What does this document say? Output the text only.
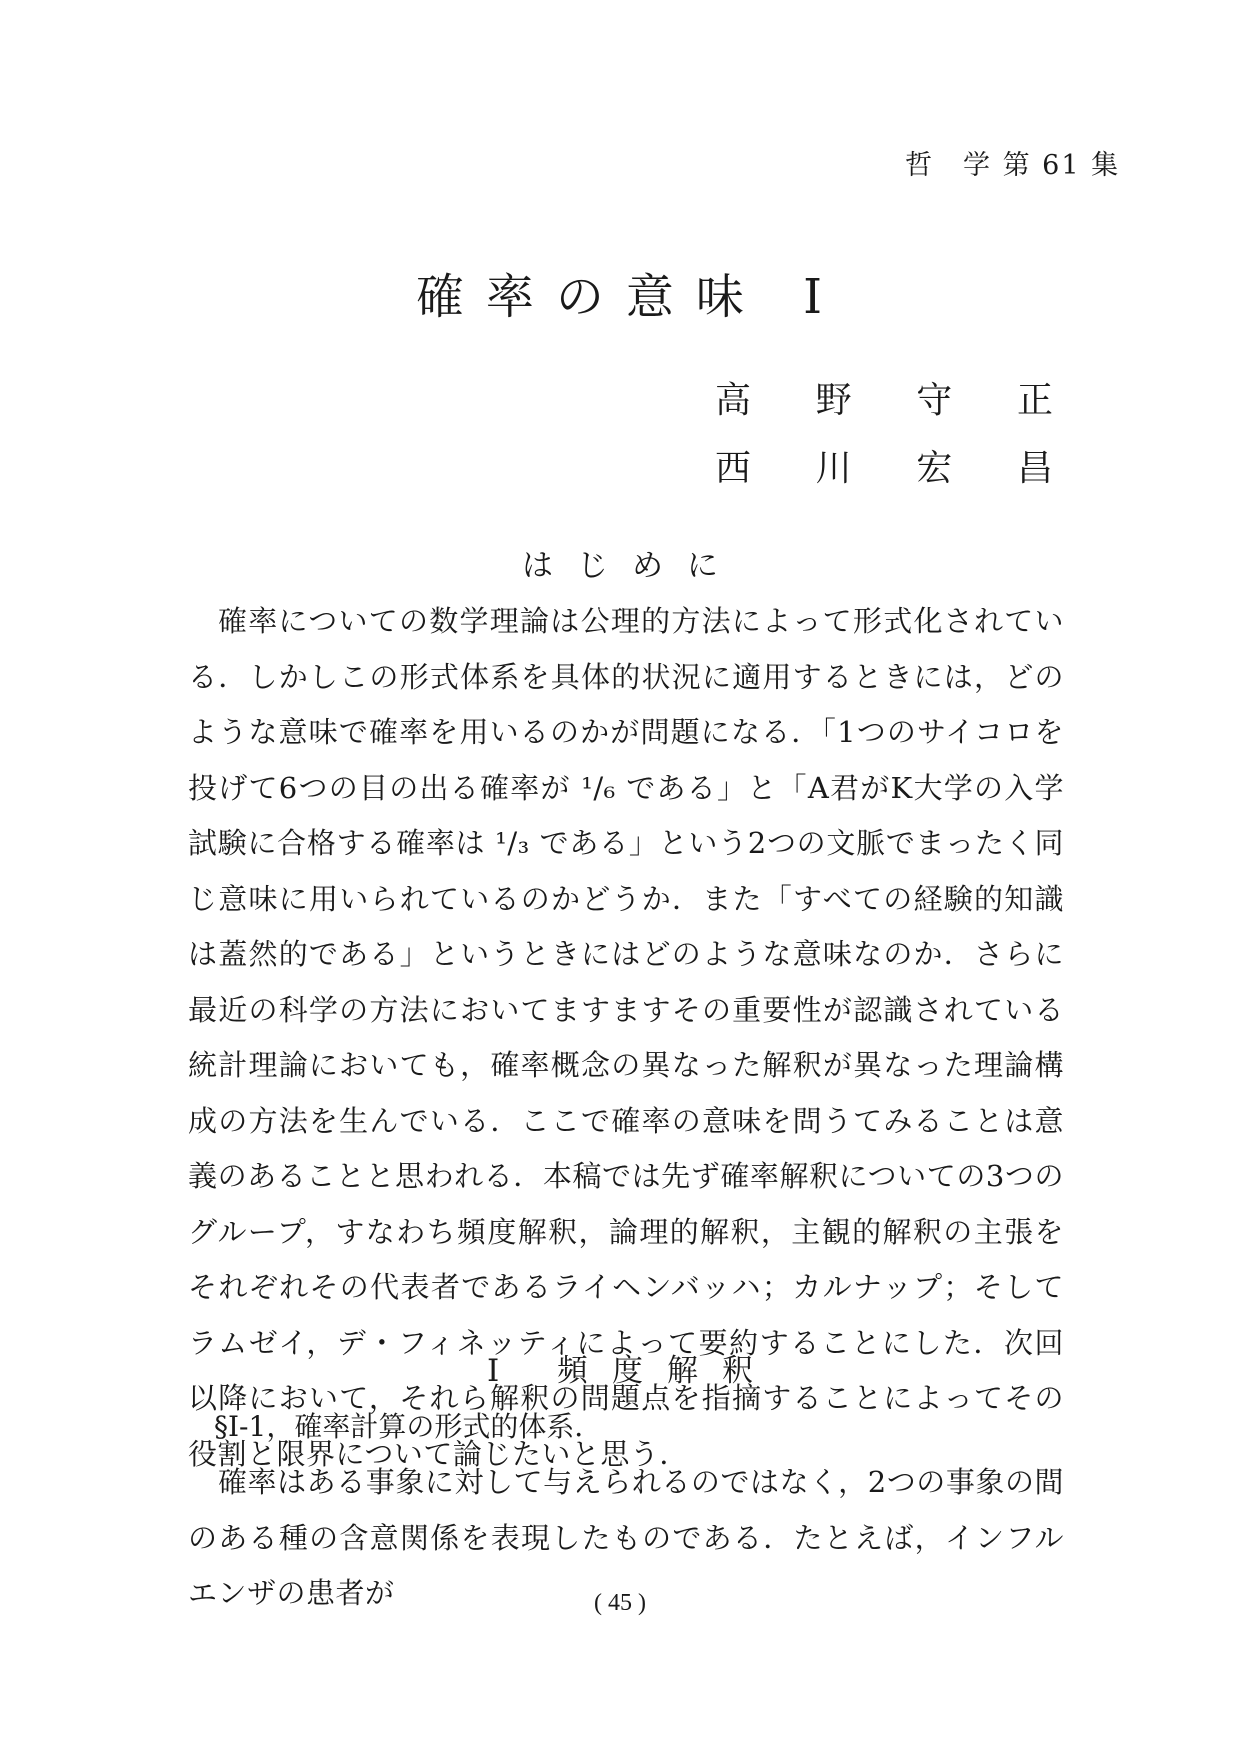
哲　学 第 61 集
確率の意味 I
高 野 守 正
西 川 宏 昌
はじめに
確率についての数学理論は公理的方法によって形式化されている．しかしこの形式体系を具体的状況に適用するときには，どのような意味で確率を用いるのかが問題になる．「1つのサイコロを投げて6つの目の出る確率が ¹/₆ である」と「A君がK大学の入学試験に合格する確率は ¹/₃ である」という2つの文脈でまったく同じ意味に用いられているのかどうか．また「すべての経験的知識は蓋然的である」というときにはどのような意味なのか．さらに最近の科学の方法においてますますその重要性が認識されている統計理論においても，確率概念の異なった解釈が異なった理論構成の方法を生んでいる．ここで確率の意味を問うてみることは意義のあることと思われる．本稿では先ず確率解釈についての3つのグループ，すなわち頻度解釈，論理的解釈，主観的解釈の主張をそれぞれその代表者であるライヘンバッハ；カルナップ；そしてラムゼイ，デ・フィネッティによって要約することにした．次回以降において，それら解釈の問題点を指摘することによってその役割と限界について論じたいと思う．
I 頻度解釈
§Ⅰ-1，確率計算の形式的体系．
確率はある事象に対して与えられるのではなく，2つの事象の間のある種の含意関係を表現したものである．たとえば，インフルエンザの患者が	( 45 )
